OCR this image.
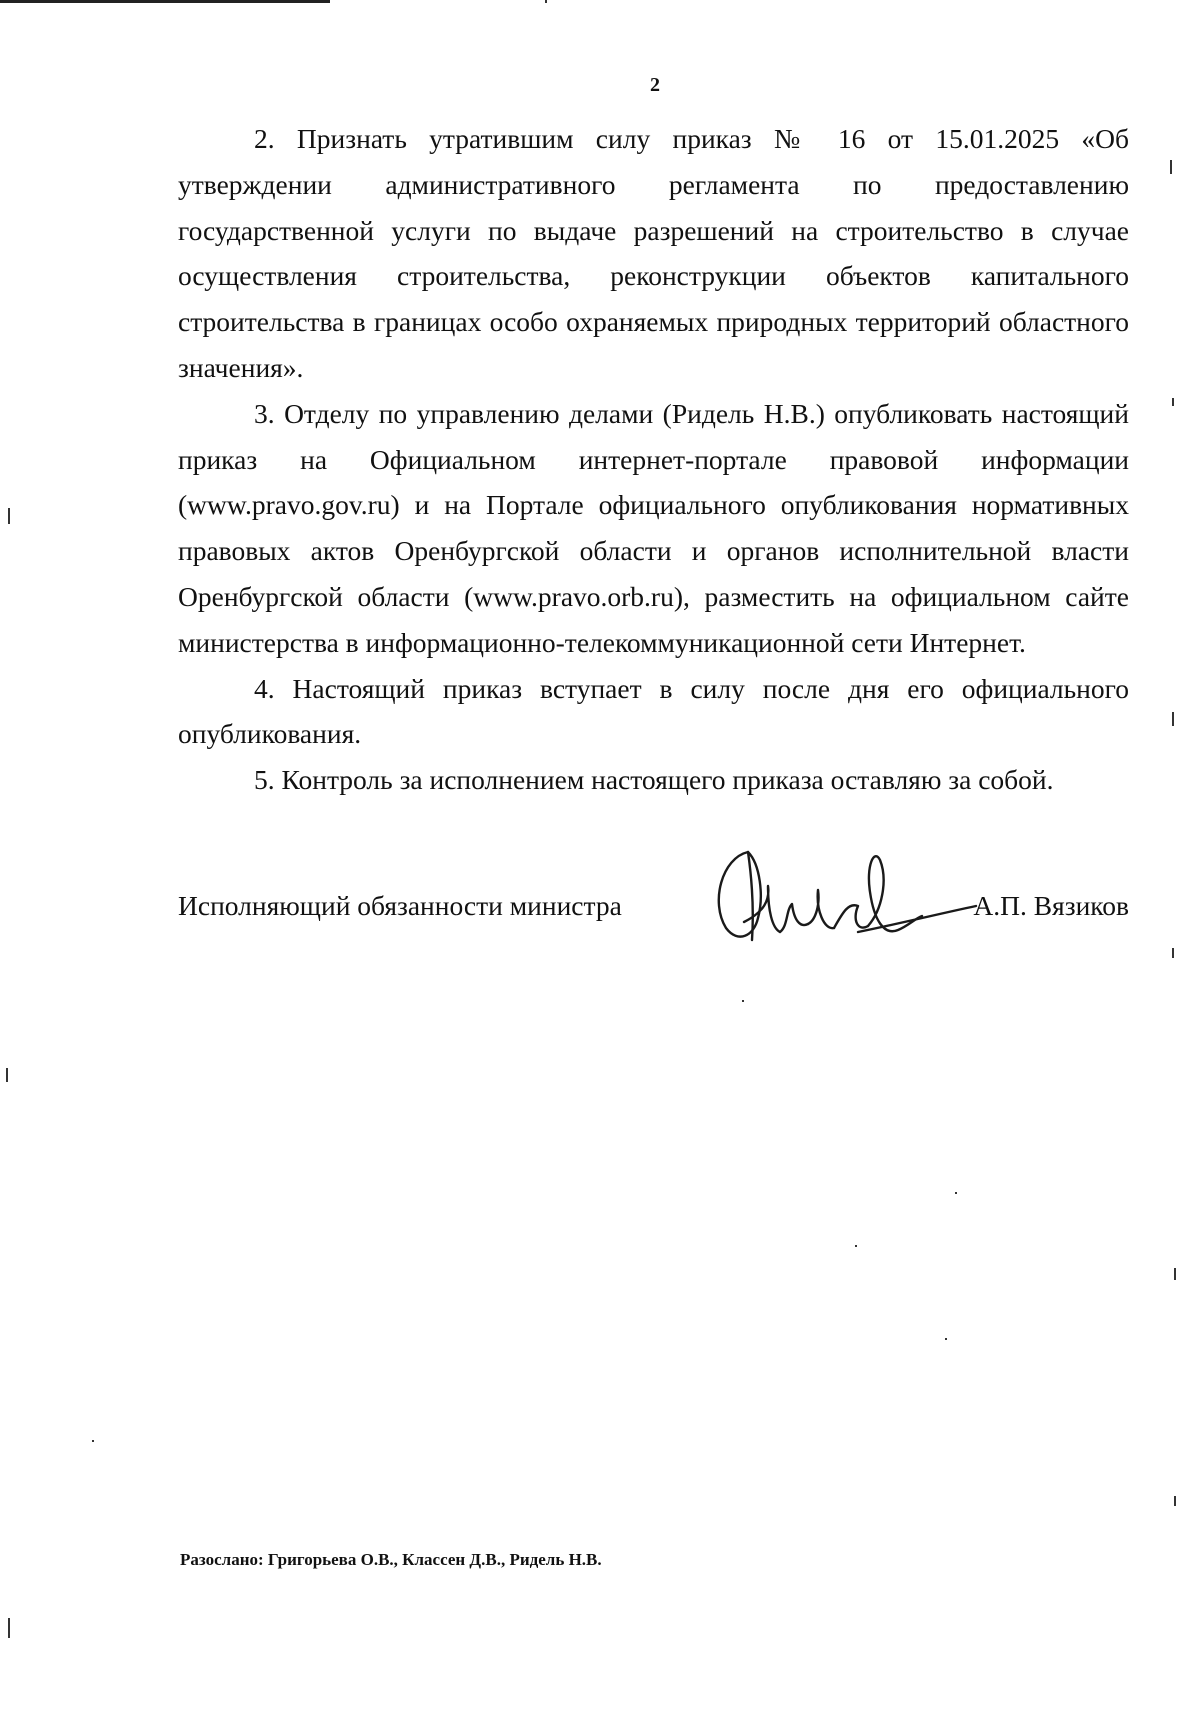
2

2. Признать утратившим силу приказ № 16 от 15.01.2025 «Об утверждении административного регламента по предоставлению государственной услуги по выдаче разрешений на строительство в случае осуществления строительства, реконструкции объектов капитального строительства в границах особо охраняемых природных территорий областного значения».

3. Отделу по управлению делами (Ридель Н.В.) опубликовать настоящий приказ на Официальном интернет-портале правовой информации (www.pravo.gov.ru) и на Портале официального опубликования нормативных правовых актов Оренбургской области и органов исполнительной власти Оренбургской области (www.pravo.orb.ru), разместить на официальном сайте министерства в информационно-телекоммуникационной сети Интернет.

4. Настоящий приказ вступает в силу после дня его официального опубликования.

5. Контроль за исполнением настоящего приказа оставляю за собой.

Исполняющий обязанности министра	А.П. Вязиков
Разослано: Григорьева О.В., Классен Д.В., Ридель Н.В.
